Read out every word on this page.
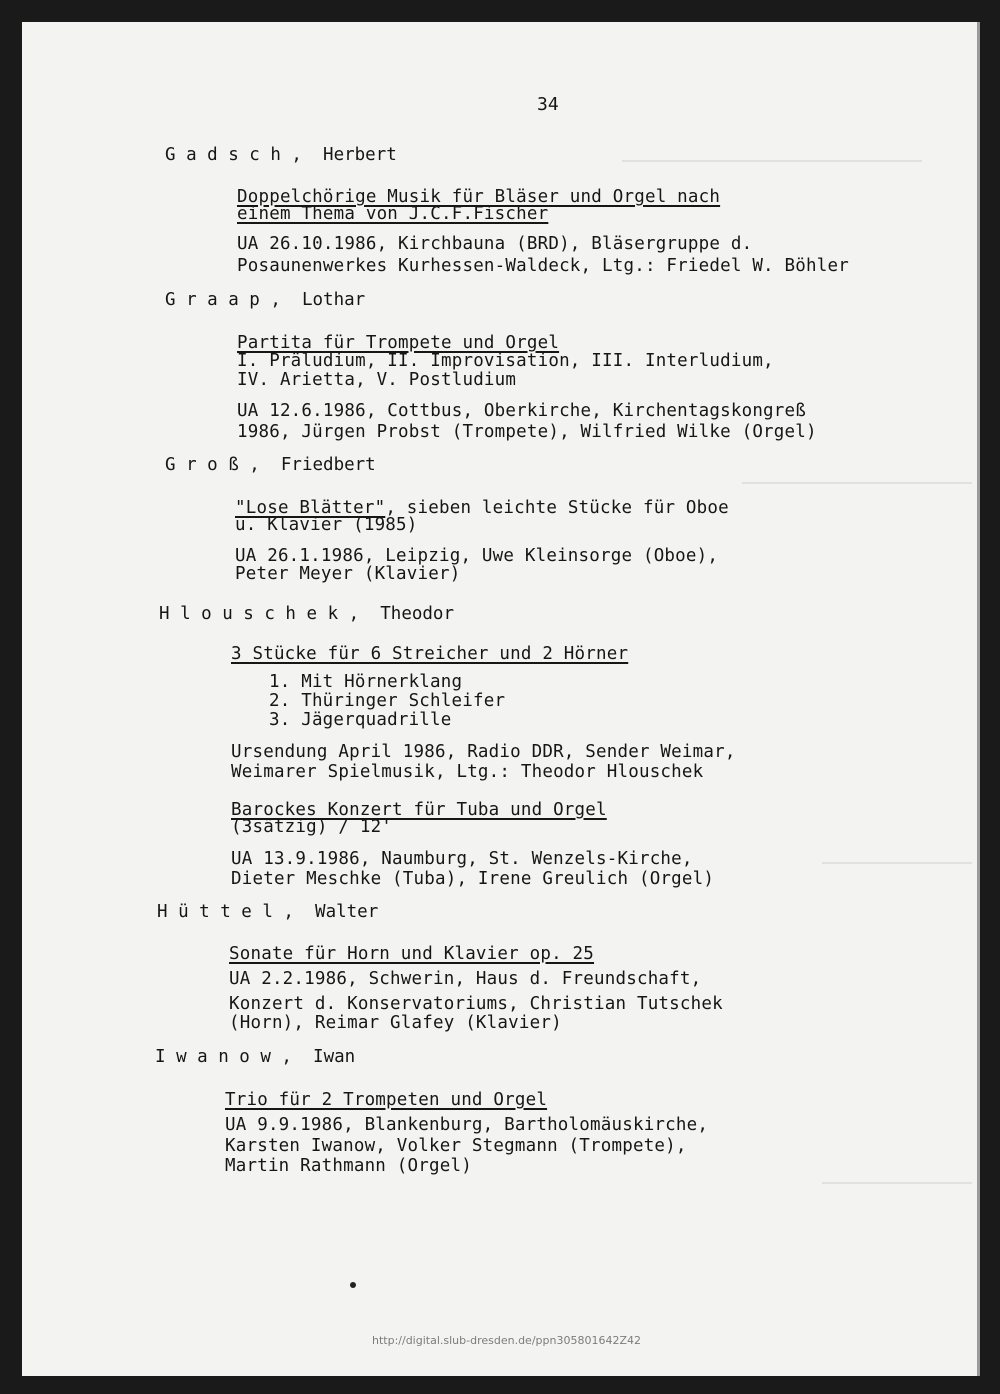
34
G a d s c h ,  Herbert
Doppelchörige Musik für Bläser und Orgel nach
einem Thema von J.C.F.Fischer
UA 26.10.1986, Kirchbauna (BRD), Bläsergruppe d.
Posaunenwerkes Kurhessen-Waldeck, Ltg.: Friedel W. Böhler
G r a a p ,  Lothar
Partita für Trompete und Orgel
I. Präludium, II. Improvisation, III. Interludium,
IV. Arietta, V. Postludium
UA 12.6.1986, Cottbus, Oberkirche, Kirchentagskongreß
1986, Jürgen Probst (Trompete), Wilfried Wilke (Orgel)
G r o ß ,  Friedbert
"Lose Blätter", sieben leichte Stücke für Oboe
u. Klavier (1985)
UA 26.1.1986, Leipzig, Uwe Kleinsorge (Oboe),
Peter Meyer (Klavier)
H l o u s c h e k ,  Theodor
3 Stücke für 6 Streicher und 2 Hörner
1. Mit Hörnerklang
2. Thüringer Schleifer
3. Jägerquadrille
Ursendung April 1986, Radio DDR, Sender Weimar,
Weimarer Spielmusik, Ltg.: Theodor Hlouschek
Barockes Konzert für Tuba und Orgel
(3sätzig) / 12'
UA 13.9.1986, Naumburg, St. Wenzels-Kirche,
Dieter Meschke (Tuba), Irene Greulich (Orgel)
H ü t t e l ,  Walter
Sonate für Horn und Klavier op. 25
UA 2.2.1986, Schwerin, Haus d. Freundschaft,
Konzert d. Konservatoriums, Christian Tutschek
(Horn), Reimar Glafey (Klavier)
I w a n o w ,  Iwan
Trio für 2 Trompeten und Orgel
UA 9.9.1986, Blankenburg, Bartholomäuskirche,
Karsten Iwanow, Volker Stegmann (Trompete),
Martin Rathmann (Orgel)
http://digital.slub-dresden.de/ppn305801642Z42
